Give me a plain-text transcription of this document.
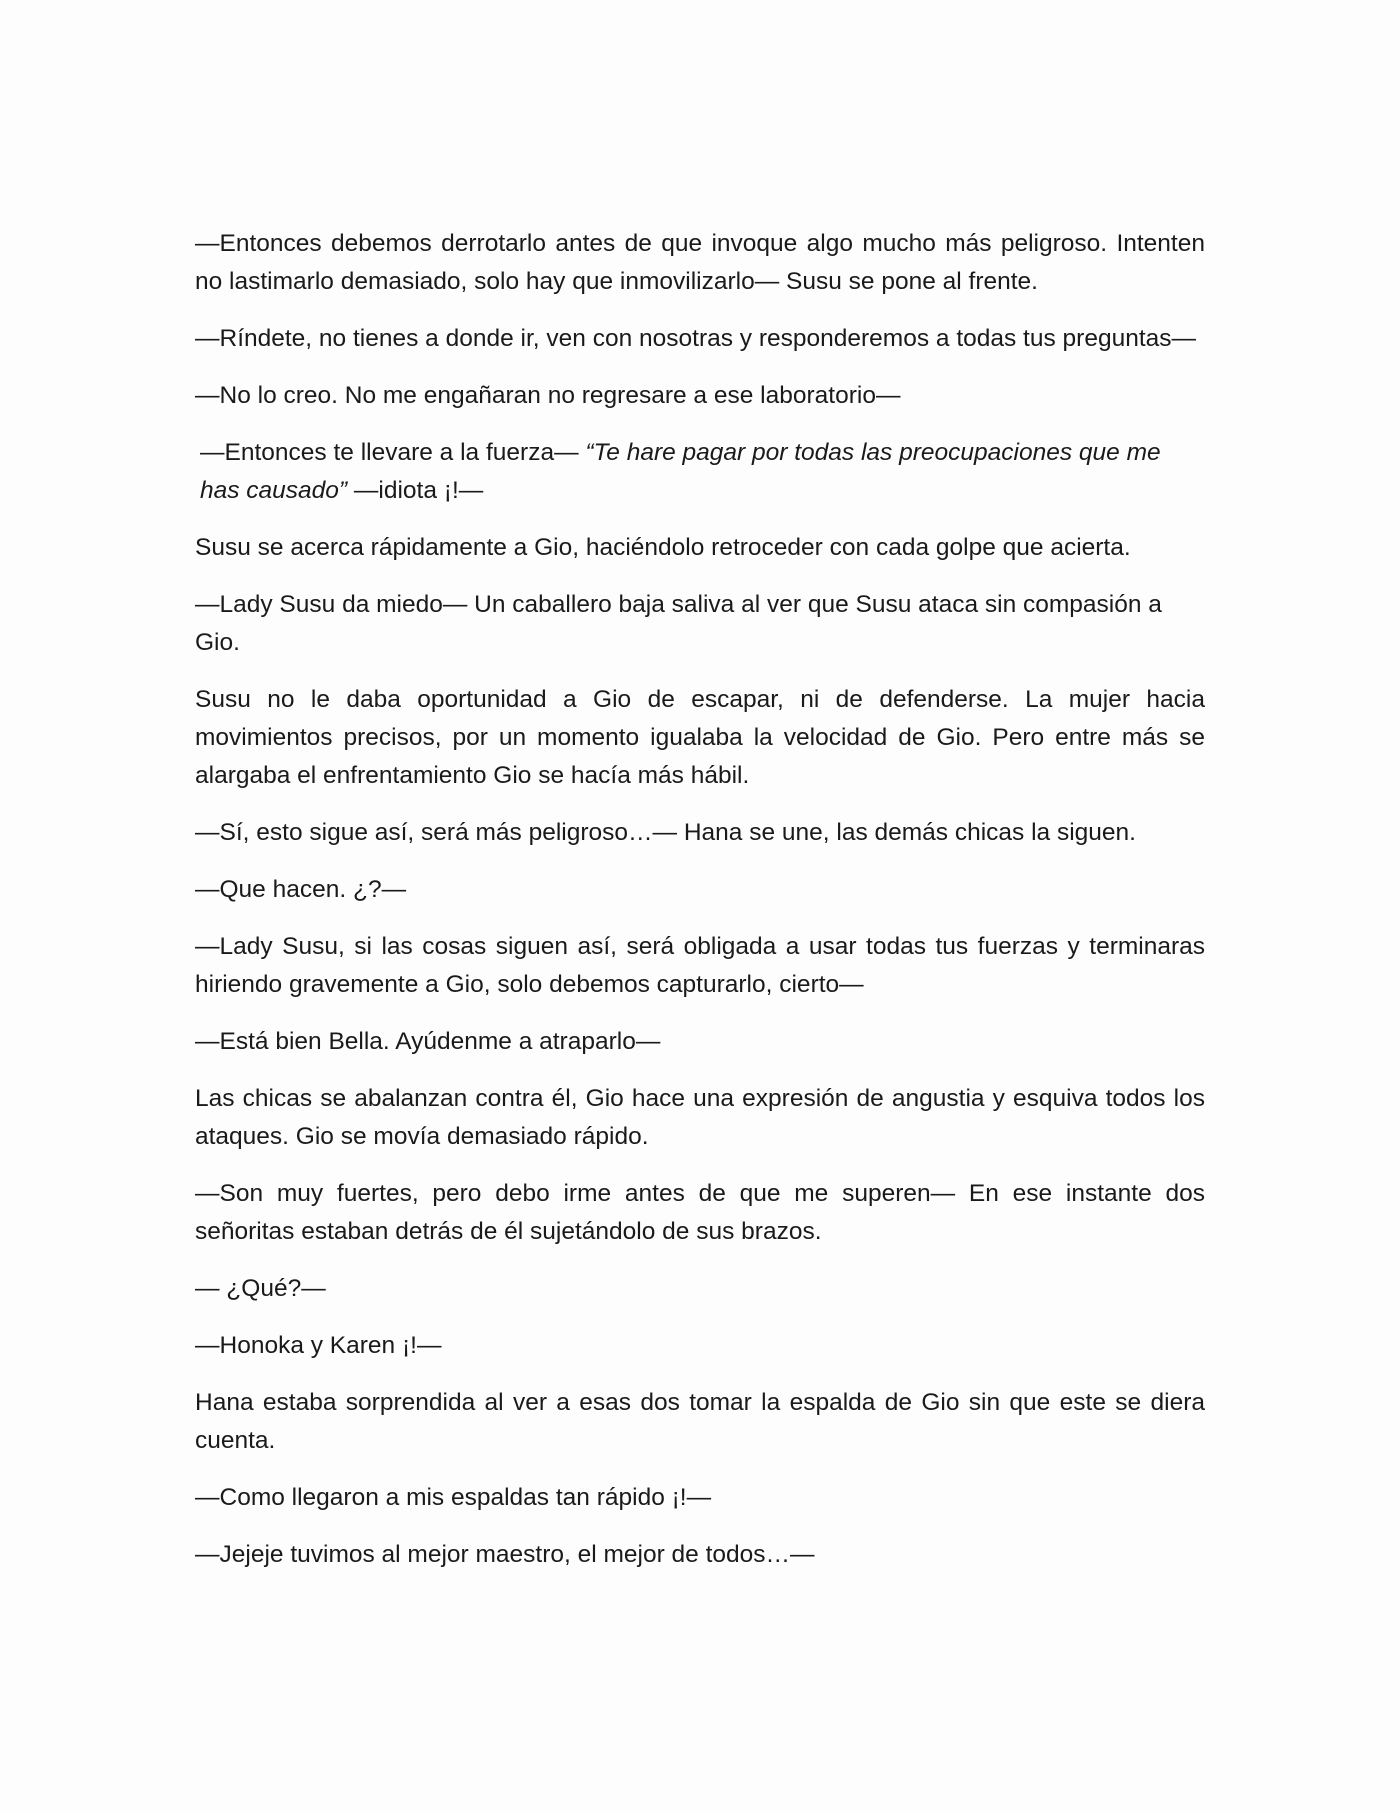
—Entonces debemos derrotarlo antes de que invoque algo mucho más peligroso. Intenten no lastimarlo demasiado, solo hay que inmovilizarlo— Susu se pone al frente.

—Ríndete, no tienes a donde ir, ven con nosotras y responderemos a todas tus preguntas—

—No lo creo. No me engañaran no regresare a ese laboratorio—

—Entonces te llevare a la fuerza— “Te hare pagar por todas las preocupaciones que me has causado” —idiota ¡!—

Susu se acerca rápidamente a Gio, haciéndolo retroceder con cada golpe que acierta.

—Lady Susu da miedo— Un caballero baja saliva al ver que Susu ataca sin compasión a Gio.

Susu no le daba oportunidad a Gio de escapar, ni de defenderse. La mujer hacia movimientos precisos, por un momento igualaba la velocidad de Gio. Pero entre más se alargaba el enfrentamiento Gio se hacía más hábil.

—Sí, esto sigue así, será más peligroso…— Hana se une, las demás chicas la siguen.

—Que hacen. ¿?—

—Lady Susu, si las cosas siguen así, será obligada a usar todas tus fuerzas y terminaras hiriendo gravemente a Gio, solo debemos capturarlo, cierto—

—Está bien Bella. Ayúdenme a atraparlo—

Las chicas se abalanzan contra él, Gio hace una expresión de angustia y esquiva todos los ataques. Gio se movía demasiado rápido.

—Son muy fuertes, pero debo irme antes de que me superen— En ese instante dos señoritas estaban detrás de él sujetándolo de sus brazos.

— ¿Qué?—

—Honoka y Karen ¡!—

Hana estaba sorprendida al ver a esas dos tomar la espalda de Gio sin que este se diera cuenta.

—Como llegaron a mis espaldas tan rápido ¡!—

—Jejeje tuvimos al mejor maestro, el mejor de todos…—
